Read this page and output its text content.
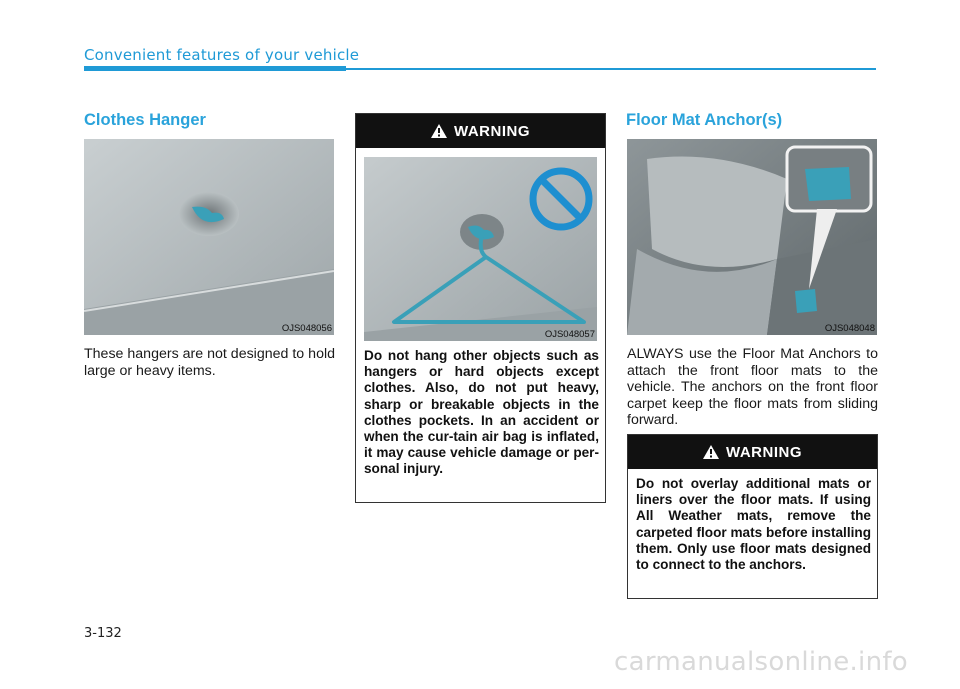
Convenient features of your vehicle
Clothes Hanger
OJS048056
These hangers are not designed to hold large or heavy items.
WARNING
OJS048057
Do not hang other objects such as hangers or hard objects except clothes. Also, do not put heavy, sharp or breakable objects in the clothes pockets. In an accident or when the cur-tain air bag is inflated, it may cause vehicle damage or per-sonal injury.
Floor Mat Anchor(s)
OJS048048
ALWAYS use the Floor Mat Anchors to attach the front floor mats to the vehicle. The anchors on the front floor carpet keep the floor mats from sliding forward.
WARNING
Do not overlay additional mats or liners over the floor mats. If using All Weather mats, remove the carpeted floor mats before installing them. Only use floor mats designed to connect to the anchors.
3-132
carmanualsonline.info
